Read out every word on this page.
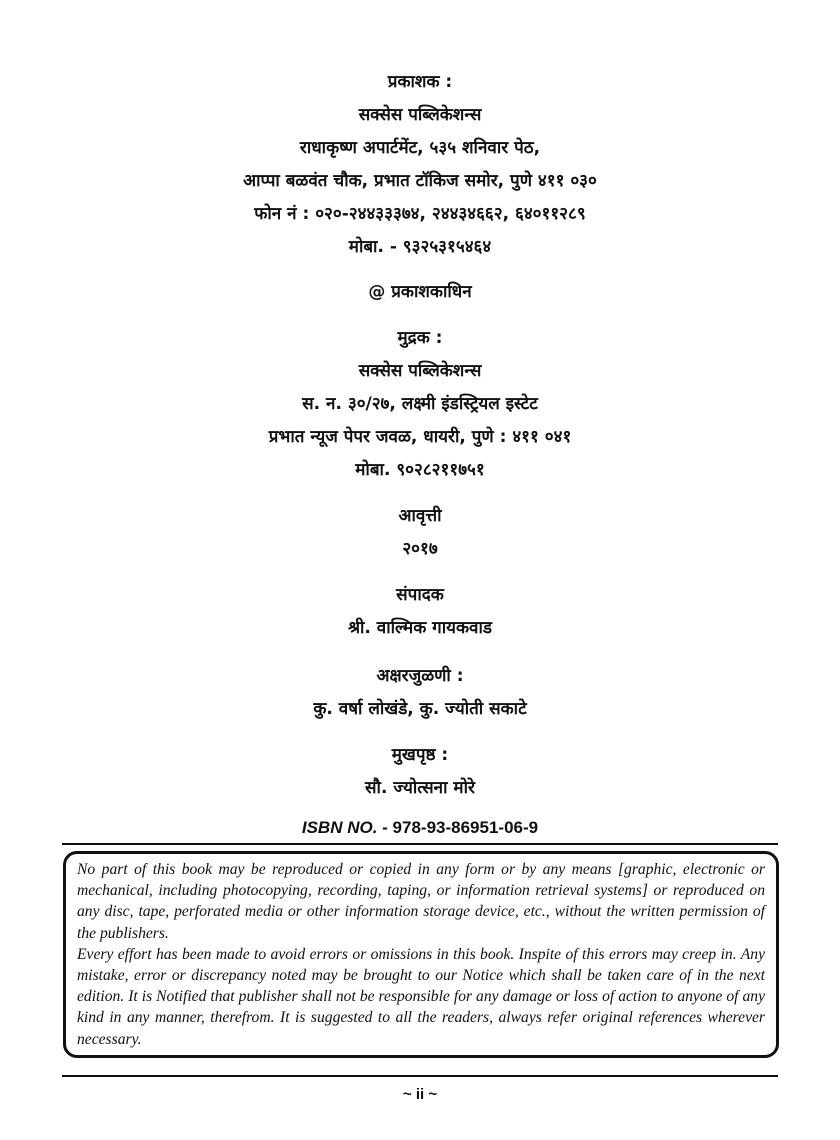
प्रकाशक :
सक्सेस पब्लिकेशन्स
राधाकृष्ण अपार्टमेंट, ५३५ शनिवार पेठ,
आप्पा बळवंत चौक, प्रभात टॉकिज समोर, पुणे ४११ ०३०
फोन नं : ०२०-२४४३३३७४, २४४३४६६२, ६४०११२८९
मोबा. - ९३२५३१५४६४
@ प्रकाशकाधिन
मुद्रक :
सक्सेस पब्लिकेशन्स
स. न. ३०/२७, लक्ष्मी इंडस्ट्रियल इस्टेट
प्रभात न्यूज पेपर जवळ, धायरी, पुणे : ४११ ०४१
मोबा. ९०२८२११७५१
आवृत्ती
२०१७
संपादक
श्री. वाल्मिक गायकवाड
अक्षरजुळणी :
कु. वर्षा लोखंडे, कु. ज्योती सकाटे
मुखपृष्ठ :
सौ. ज्योत्सना मोरे
ISBN NO. - 978-93-86951-06-9

No part of this book may be reproduced or copied in any form or by any means [graphic, electronic or mechanical, including photocopying, recording, taping, or information retrieval systems] or reproduced on any disc, tape, perforated media or other information storage device, etc., without the written permission of the publishers.

Every effort has been made to avoid errors or omissions in this book. Inspite of this errors may creep in. Any mistake, error or discrepancy noted may be brought to our Notice which shall be taken care of in the next edition. It is Notified that publisher shall not be responsible for any damage or loss of action to anyone of any kind in any manner, therefrom. It is suggested to all the readers, always refer original references wherever necessary.

~ ii ~
